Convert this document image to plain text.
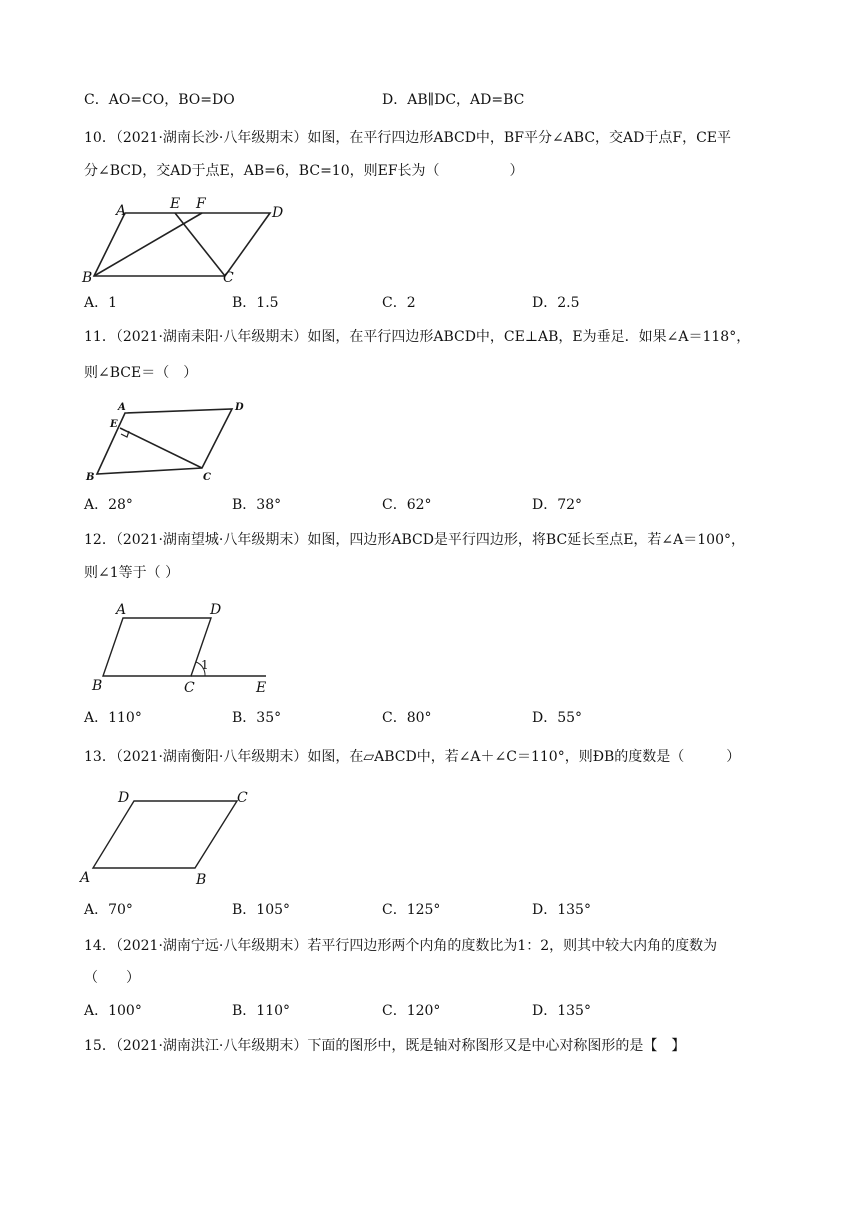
C．AO=CO，BO=DO	D．AB∥DC，AD=BC
10．（2021·湖南长沙·八年级期末）如图，在平行四边形ABCD中，BF平分∠ABC，交AD于点F，CE平
分∠BCD，交AD于点E，AB=6，BC=10，则EF长为（　　　　　）
A	E F
D
B	C
A．1	B．1.5	C．2	D．2.5
11．（2021·湖南耒阳·八年级期末）如图，在平行四边形ABCD中，CE⊥AB，E为垂足．如果∠A＝118°，
则∠BCE＝（　）
A	D
E
B	C
A．28°	B．38°	C．62°	D．72°
12．（2021·湖南望城·八年级期末）如图，四边形ABCD是平行四边形，将BC延长至点E，若∠A＝100°，
则∠1等于（ ）
A	D
1
B	C	E
A．110°	B．35°	C．80°	D．55°
13．（2021·湖南衡阳·八年级期末）如图，在▱ABCD中，若∠A＋∠C＝110°，则ÐB的度数是（　　　）
D	C
A	B
A．70°	B．105°	C．125°	D．135°
14．（2021·湖南宁远·八年级期末）若平行四边形两个内角的度数比为1：2，则其中较大内角的度数为
（　　）
A．100°	B．110°	C．120°	D．135°
15．（2021·湖南洪江·八年级期末）下面的图形中，既是轴对称图形又是中心对称图形的是【　】
